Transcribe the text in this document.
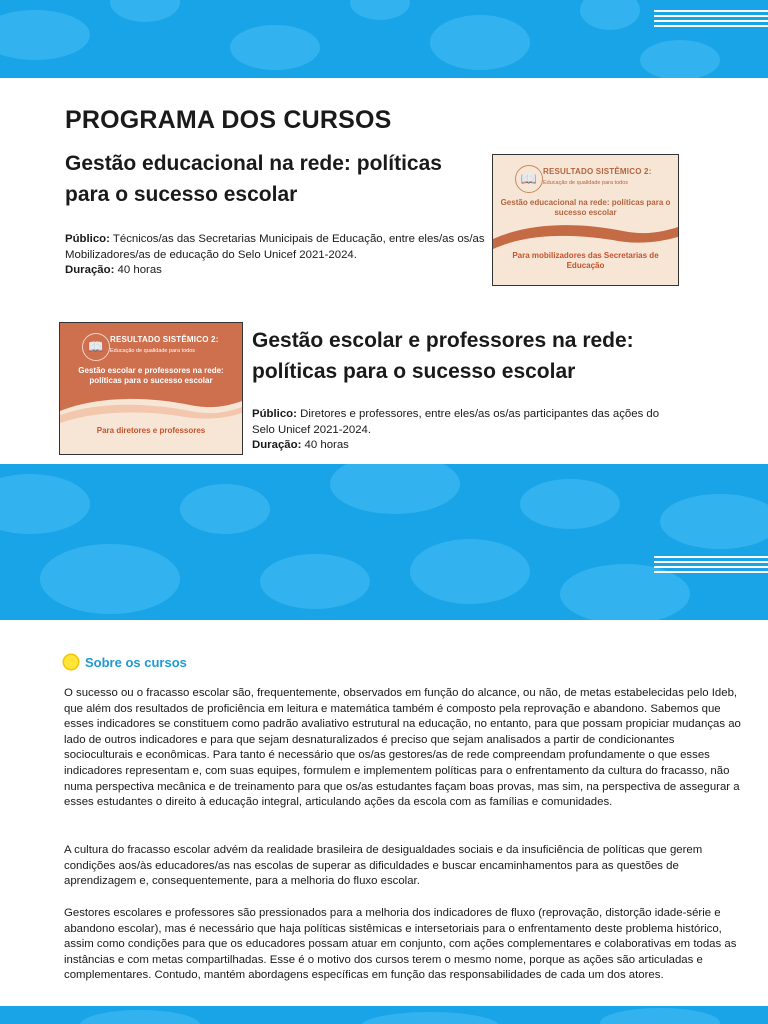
PROGRAMA DOS CURSOS
Gestão educacional na rede: políticas para o sucesso escolar
Público: Técnicos/as das Secretarias Municipais de Educação, entre eles/as os/as Mobilizadores/as de educação do Selo Unicef 2021-2024.
Duração: 40 horas
📖 RESULTADO SISTÊMICO 2:
Educação de qualidade para todos
Gestão educacional na rede: políticas para o sucesso escolar
Para mobilizadores das Secretarias de Educação
📖 RESULTADO SISTÊMICO 2:
Educação de qualidade para todos
Gestão escolar e professores na rede: políticas para o sucesso escolar
Para diretores e professores
Gestão escolar e professores na rede: políticas para o sucesso escolar
Público: Diretores e professores, entre eles/as os/as participantes das ações do Selo Unicef 2021-2024.
Duração: 40 horas
Sobre os cursos

O sucesso ou o fracasso escolar são, frequentemente, observados em função do alcance, ou não, de metas estabelecidas pelo Ideb, que além dos resultados de proficiência em leitura e matemática também é composto pela reprovação e abandono. Sabemos que esses indicadores se constituem como padrão avaliativo estrutural na educação, no entanto, para que possam propiciar mudanças ao lado de outros indicadores e para que sejam desnaturalizados é preciso que sejam analisados a partir de condicionantes socioculturais e econômicas. Para tanto é necessário que os/as gestores/as de rede compreendam profundamente o que esses indicadores representam e, com suas equipes, formulem e implementem políticas para o enfrentamento da cultura do fracasso, não numa perspectiva mecânica e de treinamento para que os/as estudantes façam boas provas, mas sim, na perspectiva de assegurar a esses estudantes o direito à educação integral, articulando ações da escola com as famílias e comunidades.

A cultura do fracasso escolar advém da realidade brasileira de desigualdades sociais e da insuficiência de políticas que gerem condições aos/às educadores/as nas escolas de superar as dificuldades e buscar encaminhamentos para as questões de aprendizagem e, consequentemente, para a melhoria do fluxo escolar.

Gestores escolares e professores são pressionados para a melhoria dos indicadores de fluxo (reprovação, distorção idade-série e abandono escolar), mas é necessário que haja políticas sistêmicas e intersetoriais para o enfrentamento deste problema histórico, assim como condições para que os educadores possam atuar em conjunto, com ações complementares e colaborativas em todas as instâncias e com metas compartilhadas. Esse é o motivo dos cursos terem o mesmo nome, porque as ações são articuladas e complementares. Contudo, mantém abordagens específicas em função das responsabilidades de cada um dos atores.
